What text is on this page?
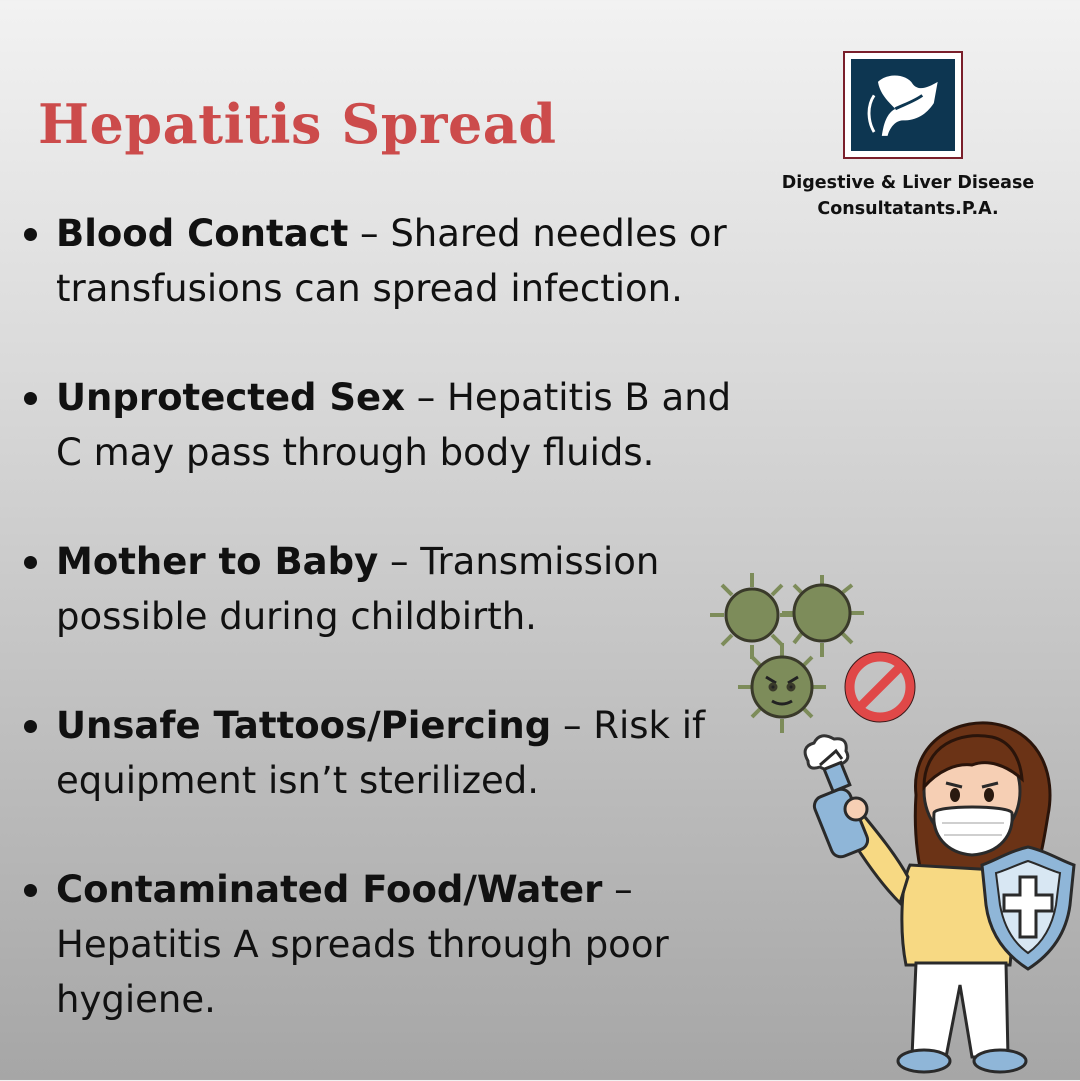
Hepatitis Spread
Digestive & Liver Disease
Consultatants.P.A.
Blood Contact – Shared needles or transfusions can spread infection.
Unprotected Sex – Hepatitis B and C may pass through body fluids.
Mother to Baby – Transmission possible during childbirth.
Unsafe Tattoos/Piercing – Risk if equipment isn’t sterilized.
Contaminated Food/Water – Hepatitis A spreads through poor hygiene.
